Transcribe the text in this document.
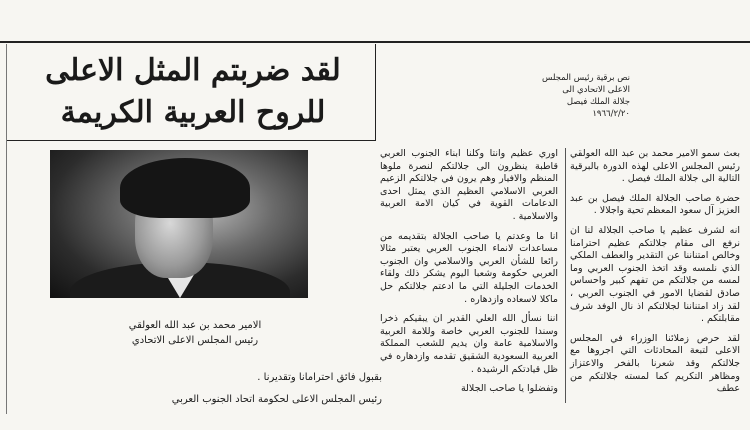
لقد ضربتم المثل الاعلى
للروح العربية الكريمة
نص برقية رئيس المجلس
الاعلى الاتحادي الى
جلالة الملك فيصل
١٩٦٦/٢/٢٠
الامير محمد بن عبد الله العولقي
رئيس المجلس الاعلى الاتحادي

بعث سمو الامير محمد بن عبد الله العولقي رئيس المجلس الاعلى لهذه الدورة بالبرقية التالية الى جلالة الملك فيصل .

حضرة صاحب الجلالة الملك فيصل بن عبد العزيز آل سعود المعظم تحية واجلالا .

انه لشرف عظيم يا صاحب الجلالة لنا ان نرفع الى مقام جلالتكم عظيم احترامنا وخالص امتناننا عن التقدير والعطف الملكي الذي نلمسه وقد اتخذ الجنوب العربي وما لمسه من جلالتكم من تفهم كبير واحساس صادق لقضايا الامور في الجنوب العربي ، لقد زاد امتناننا لجلالتكم اذ نال الوفد شرف مقابلتكم .

لقد حرص زملائنا الوزراء في المجلس الاعلى لتبعة المحادثات التي اجروها مع جلالتكم وقد شعرنا بالفخر والاعتزاز ومظاهر التكريم كما لمسته جلالتكم من عطف

اوري عظيم وانتا وكلنا ابناء الجنوب العربي قاطبة ينظرون الى جلالتكم لنصرة ملوها المنظم والافيار وهم يرون في جلالتكم الزعيم العربي الاسلامي العظيم الذي يمثل احدى الدعامات القوية في كيان الامة العربية والاسلامية .

انا ما وعدتم يا صاحب الجلالة بتقديمه من مساعدات لانماء الجنوب العربي يعتبر مثالا رائعا للشأن العربي والاسلامي وان الجنوب العربي حكومة وشعبا اليوم يشكر ذلك ولقاء الخدمات الجليلة التي ما ادعتم جلالتكم حل ماكلا لاسعاده وازدهاره .

اننا نسأل الله العلي القدير ان يبقيكم ذخرا وسندا للجنوب العربي خاصة وللامة العربية والاسلامية عامة وان يديم للشعب المملكة العربية السعودية الشقيق تقدمه وازدهاره في ظل قيادتكم الرشيدة .

وتفضلوا يا صاحب الجلالة

بقبول فائق احترامانا وتقديرنا .
رئيس المجلس الاعلى لحكومة اتحاد الجنوب العربي
